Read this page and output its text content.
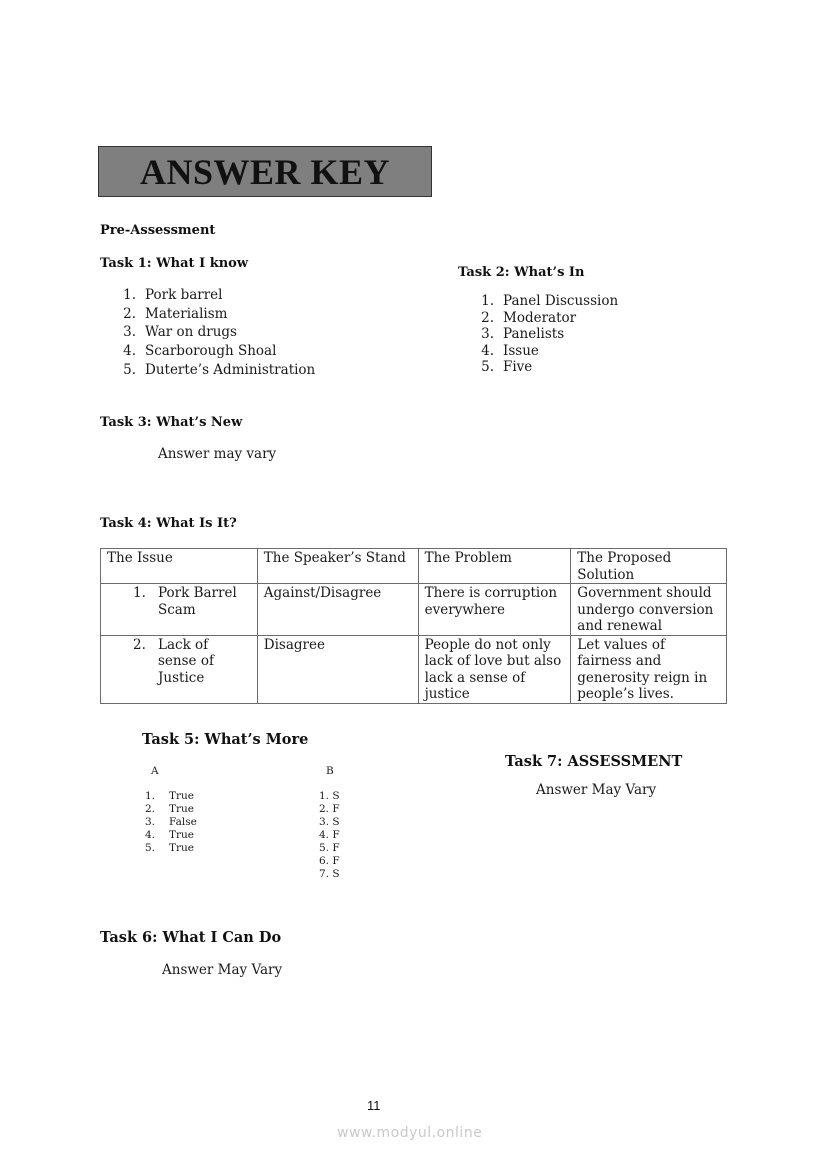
ANSWER KEY
Pre-Assessment
Task 1: What I know
1. Pork barrel
2. Materialism
3. War on drugs
4. Scarborough Shoal
5. Duterte’s Administration
Task 2: What’s In
1. Panel Discussion
2. Moderator
3. Panelists
4. Issue
5. Five
Task 3: What’s New
Answer may vary
Task 4: What Is It?
The Issue	The Speaker’s Stand	The Problem	The Proposed Solution

1. Pork Barrel Scam	Against/Disagree	There is corruption everywhere	Government should undergo conversion and renewal

2. Lack of sense of Justice	Disagree	People do not only lack of love but also lack a sense of justice	Let values of fairness and generosity reign in people’s lives.
Task 5: What’s More
A	B
1. True
2. True
3. False
4. True
5. True
1. S
2. F
3. S
4. F
5. F
6. F
7. S
Task 7: ASSESSMENT
Answer May Vary
Task 6: What I Can Do
Answer May Vary
11
www.modyul.online
